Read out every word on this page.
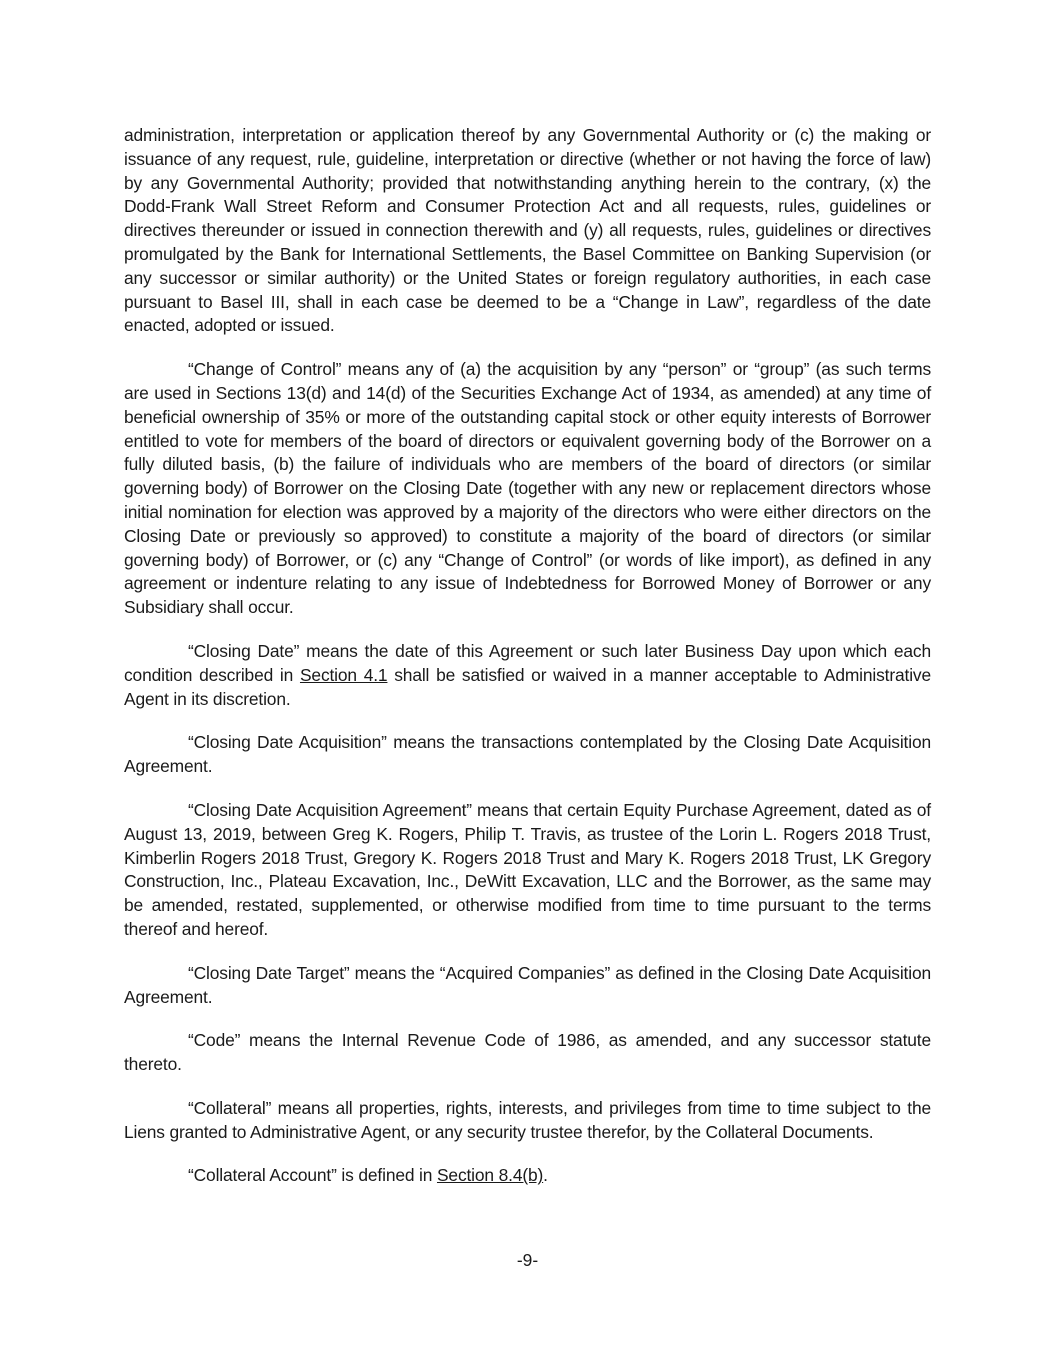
administration, interpretation or application thereof by any Governmental Authority or (c) the making or issuance of any request, rule, guideline, interpretation or directive (whether or not having the force of law) by any Governmental Authority; provided that notwithstanding anything herein to the contrary, (x) the Dodd-Frank Wall Street Reform and Consumer Protection Act and all requests, rules, guidelines or directives thereunder or issued in connection therewith and (y) all requests, rules, guidelines or directives promulgated by the Bank for International Settlements, the Basel Committee on Banking Supervision (or any successor or similar authority) or the United States or foreign regulatory authorities, in each case pursuant to Basel III, shall in each case be deemed to be a “Change in Law”, regardless of the date enacted, adopted or issued.

“Change of Control” means any of (a) the acquisition by any “person” or “group” (as such terms are used in Sections 13(d) and 14(d) of the Securities Exchange Act of 1934, as amended) at any time of beneficial ownership of 35% or more of the outstanding capital stock or other equity interests of Borrower entitled to vote for members of the board of directors or equivalent governing body of the Borrower on a fully diluted basis, (b) the failure of individuals who are members of the board of directors (or similar governing body) of Borrower on the Closing Date (together with any new or replacement directors whose initial nomination for election was approved by a majority of the directors who were either directors on the Closing Date or previously so approved) to constitute a majority of the board of directors (or similar governing body) of Borrower, or (c) any “Change of Control” (or words of like import), as defined in any agreement or indenture relating to any issue of Indebtedness for Borrowed Money of Borrower or any Subsidiary shall occur.

“Closing Date” means the date of this Agreement or such later Business Day upon which each condition described in Section 4.1 shall be satisfied or waived in a manner acceptable to Administrative Agent in its discretion.

“Closing Date Acquisition” means the transactions contemplated by the Closing Date Acquisition Agreement.

“Closing Date Acquisition Agreement” means that certain Equity Purchase Agreement, dated as of August 13, 2019, between Greg K. Rogers, Philip T. Travis, as trustee of the Lorin L. Rogers 2018 Trust, Kimberlin Rogers 2018 Trust, Gregory K. Rogers 2018 Trust and Mary K. Rogers 2018 Trust, LK Gregory Construction, Inc., Plateau Excavation, Inc., DeWitt Excavation, LLC and the Borrower, as the same may be amended, restated, supplemented, or otherwise modified from time to time pursuant to the terms thereof and hereof.

“Closing Date Target” means the “Acquired Companies” as defined in the Closing Date Acquisition Agreement.

“Code” means the Internal Revenue Code of 1986, as amended, and any successor statute thereto.

“Collateral” means all properties, rights, interests, and privileges from time to time subject to the Liens granted to Administrative Agent, or any security trustee therefor, by the Collateral Documents.

“Collateral Account” is defined in Section 8.4(b).

-9-
